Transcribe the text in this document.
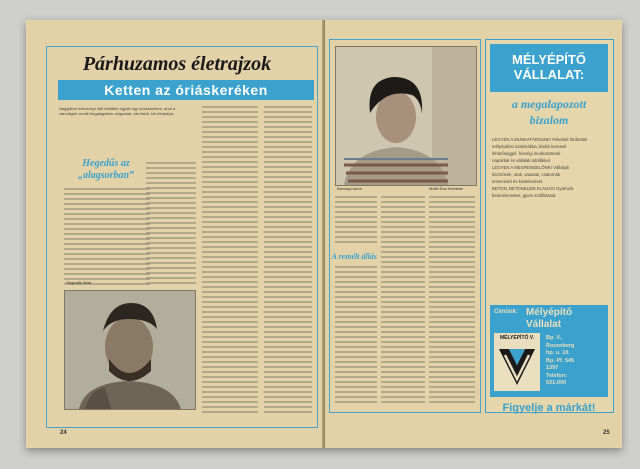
Párhuzamos életrajzok
Ketten az óriáskeréken
Nagyjából évtizednyi időt töltöttek együtt egy óriáskeréken, ahol a városligeti vurstli forgatagában dolgoztak; két fiatal, két életpálya.
Hegedűs az
„alagsorban”

Hegedűs Béla

24

Bánsági Anna	Mellit Éva felvételei

A remélt állás
MÉLYÉPÍTŐ
VÁLLALAT:

a megalapozott
bizalom

LEGYEN A MUNKATÁRSUNK! Felvételt hirdetünk
mélyépítési szakmákba, kiváló kereseti
lehetőséggel, hétvégi munkaszüneti
napokkal és vállalati üdülőkkel.
LEGYEN A MEGRENDELŐNK! Vállaljuk
közművek, utak, vasutak, csatornák
tervezését és kivitelezését.
BETON, BETONELEM ELADÁS! Gyártunk
betonelemeket, gyors szállítással.

Címünk: Mélyépítő
Vállalat

MÉLYÉPÍTŐ V.	Bp. V.,
Rozenberg
hp. u. 10.
Bp. Pf. 545
1397
Telefon:
531-000

Figyelje a márkát!

25
